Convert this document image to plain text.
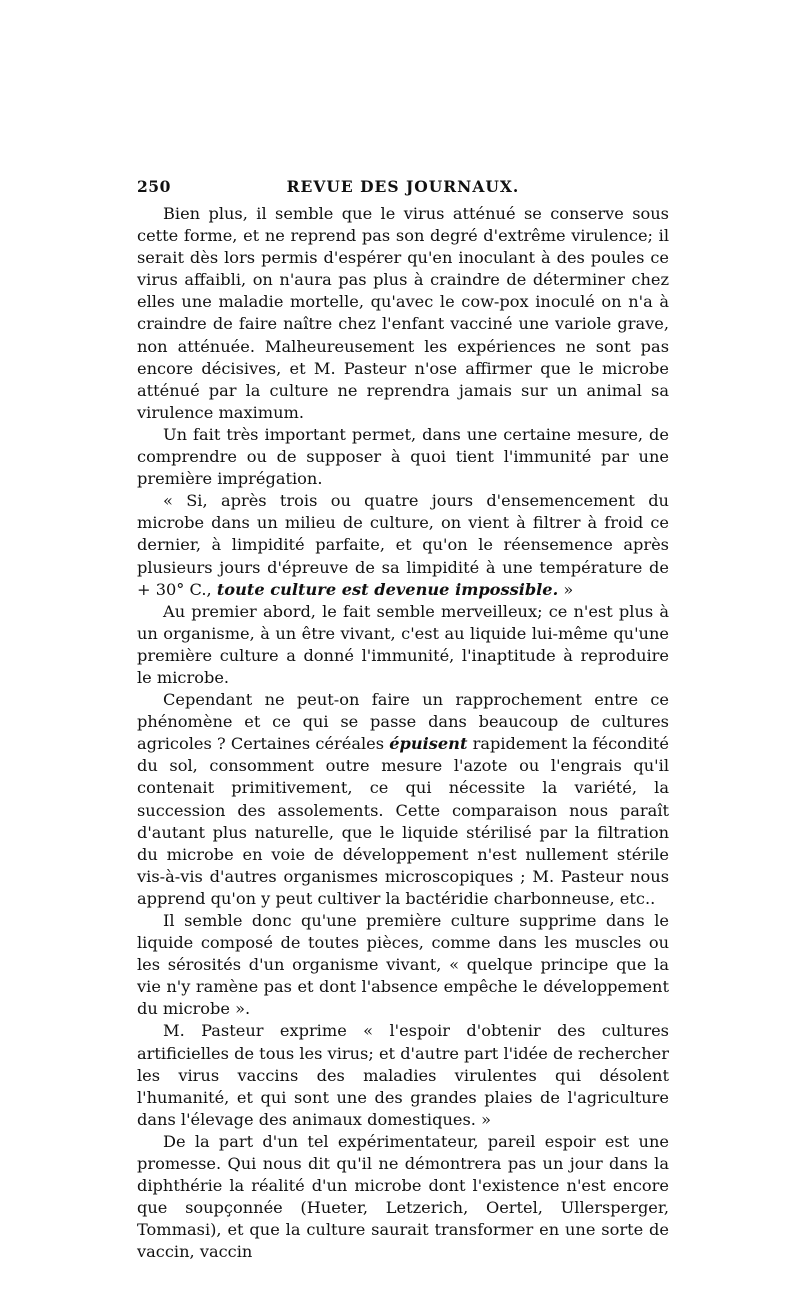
250	REVUE DES JOURNAUX.

Bien plus, il semble que le virus atténué se conserve sous cette forme, et ne reprend pas son degré d'extrême virulence; il serait dès lors permis d'espérer qu'en inoculant à des poules ce virus affaibli, on n'aura pas plus à craindre de déterminer chez elles une maladie mortelle, qu'avec le cow-pox inoculé on n'a à craindre de faire naître chez l'enfant vacciné une variole grave, non atténuée. Malheureusement les expériences ne sont pas encore décisives, et M. Pasteur n'ose affirmer que le microbe atténué par la culture ne reprendra jamais sur un animal sa virulence maximum.

Un fait très important permet, dans une certaine mesure, de comprendre ou de supposer à quoi tient l'immunité par une première imprégation.

« Si, après trois ou quatre jours d'ensemencement du microbe dans un milieu de culture, on vient à filtrer à froid ce dernier, à limpidité parfaite, et qu'on le réensemence après plusieurs jours d'épreuve de sa limpidité à une température de + 30° C., toute culture est devenue impossible. »

Au premier abord, le fait semble merveilleux; ce n'est plus à un organisme, à un être vivant, c'est au liquide lui-même qu'une première culture a donné l'immunité, l'inaptitude à reproduire le microbe.

Cependant ne peut-on faire un rapprochement entre ce phénomène et ce qui se passe dans beaucoup de cultures agricoles ? Certaines céréales épuisent rapidement la fécondité du sol, consomment outre mesure l'azote ou l'engrais qu'il contenait primitivement, ce qui nécessite la variété, la succession des assolements. Cette comparaison nous paraît d'autant plus naturelle, que le liquide stérilisé par la filtration du microbe en voie de développement n'est nullement stérile vis-à-vis d'autres organismes microscopiques ; M. Pasteur nous apprend qu'on y peut cultiver la bactéridie charbonneuse, etc..

Il semble donc qu'une première culture supprime dans le liquide composé de toutes pièces, comme dans les muscles ou les sérosités d'un organisme vivant, « quelque principe que la vie n'y ramène pas et dont l'absence empêche le développement du microbe ».

M. Pasteur exprime « l'espoir d'obtenir des cultures artificielles de tous les virus; et d'autre part l'idée de rechercher les virus vaccins des maladies virulentes qui désolent l'humanité, et qui sont une des grandes plaies de l'agriculture dans l'élevage des animaux domestiques. »

De la part d'un tel expérimentateur, pareil espoir est une promesse. Qui nous dit qu'il ne démontrera pas un jour dans la diphthérie la réalité d'un microbe dont l'existence n'est encore que soupçonnée (Hueter, Letzerich, Oertel, Ullersperger, Tommasi), et que la culture saurait transformer en une sorte de vaccin, vaccin
